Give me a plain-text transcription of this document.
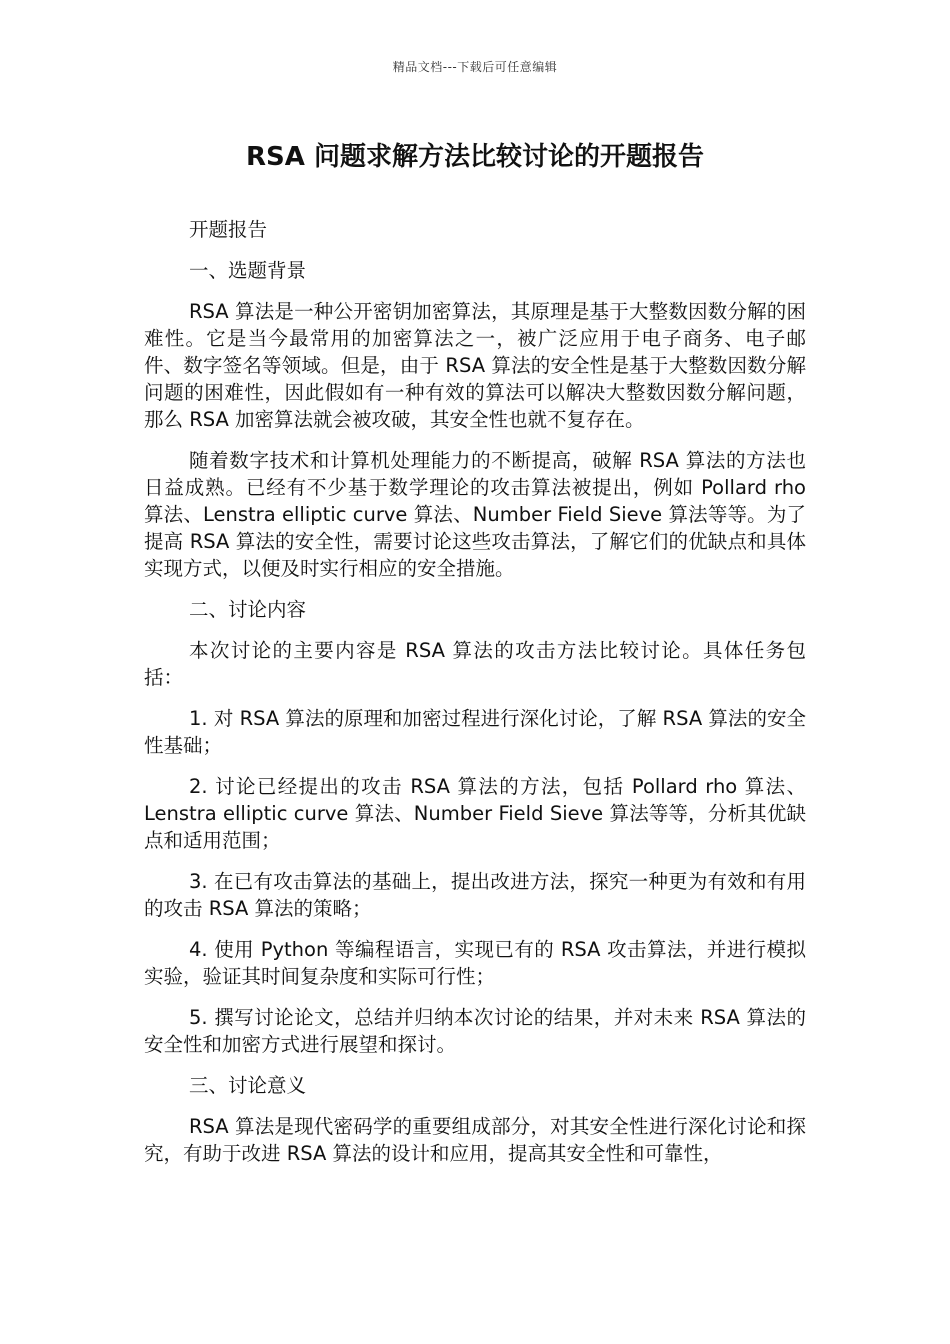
精品文档---下载后可任意编辑
RSA 问题求解方法比较讨论的开题报告

开题报告

一、选题背景

RSA 算法是一种公开密钥加密算法，其原理是基于大整数因数分解的困难性。它是当今最常用的加密算法之一，被广泛应用于电子商务、电子邮件、数字签名等领域。但是，由于 RSA 算法的安全性是基于大整数因数分解问题的困难性，因此假如有一种有效的算法可以解决大整数因数分解问题，那么 RSA 加密算法就会被攻破，其安全性也就不复存在。

随着数字技术和计算机处理能力的不断提高，破解 RSA 算法的方法也日益成熟。已经有不少基于数学理论的攻击算法被提出，例如 Pollard rho 算法、Lenstra elliptic curve 算法、Number Field Sieve 算法等等。为了提高 RSA 算法的安全性，需要讨论这些攻击算法，了解它们的优缺点和具体实现方式，以便及时实行相应的安全措施。

二、讨论内容

本次讨论的主要内容是 RSA 算法的攻击方法比较讨论。具体任务包括：

1. 对 RSA 算法的原理和加密过程进行深化讨论，了解 RSA 算法的安全性基础；

2. 讨论已经提出的攻击 RSA 算法的方法，包括 Pollard rho 算法、Lenstra elliptic curve 算法、Number Field Sieve 算法等等，分析其优缺点和适用范围；

3. 在已有攻击算法的基础上，提出改进方法，探究一种更为有效和有用的攻击 RSA 算法的策略；

4. 使用 Python 等编程语言，实现已有的 RSA 攻击算法，并进行模拟实验，验证其时间复杂度和实际可行性；

5. 撰写讨论论文，总结并归纳本次讨论的结果，并对未来 RSA 算法的安全性和加密方式进行展望和探讨。

三、讨论意义

RSA 算法是现代密码学的重要组成部分，对其安全性进行深化讨论和探究，有助于改进 RSA 算法的设计和应用，提高其安全性和可靠性，
